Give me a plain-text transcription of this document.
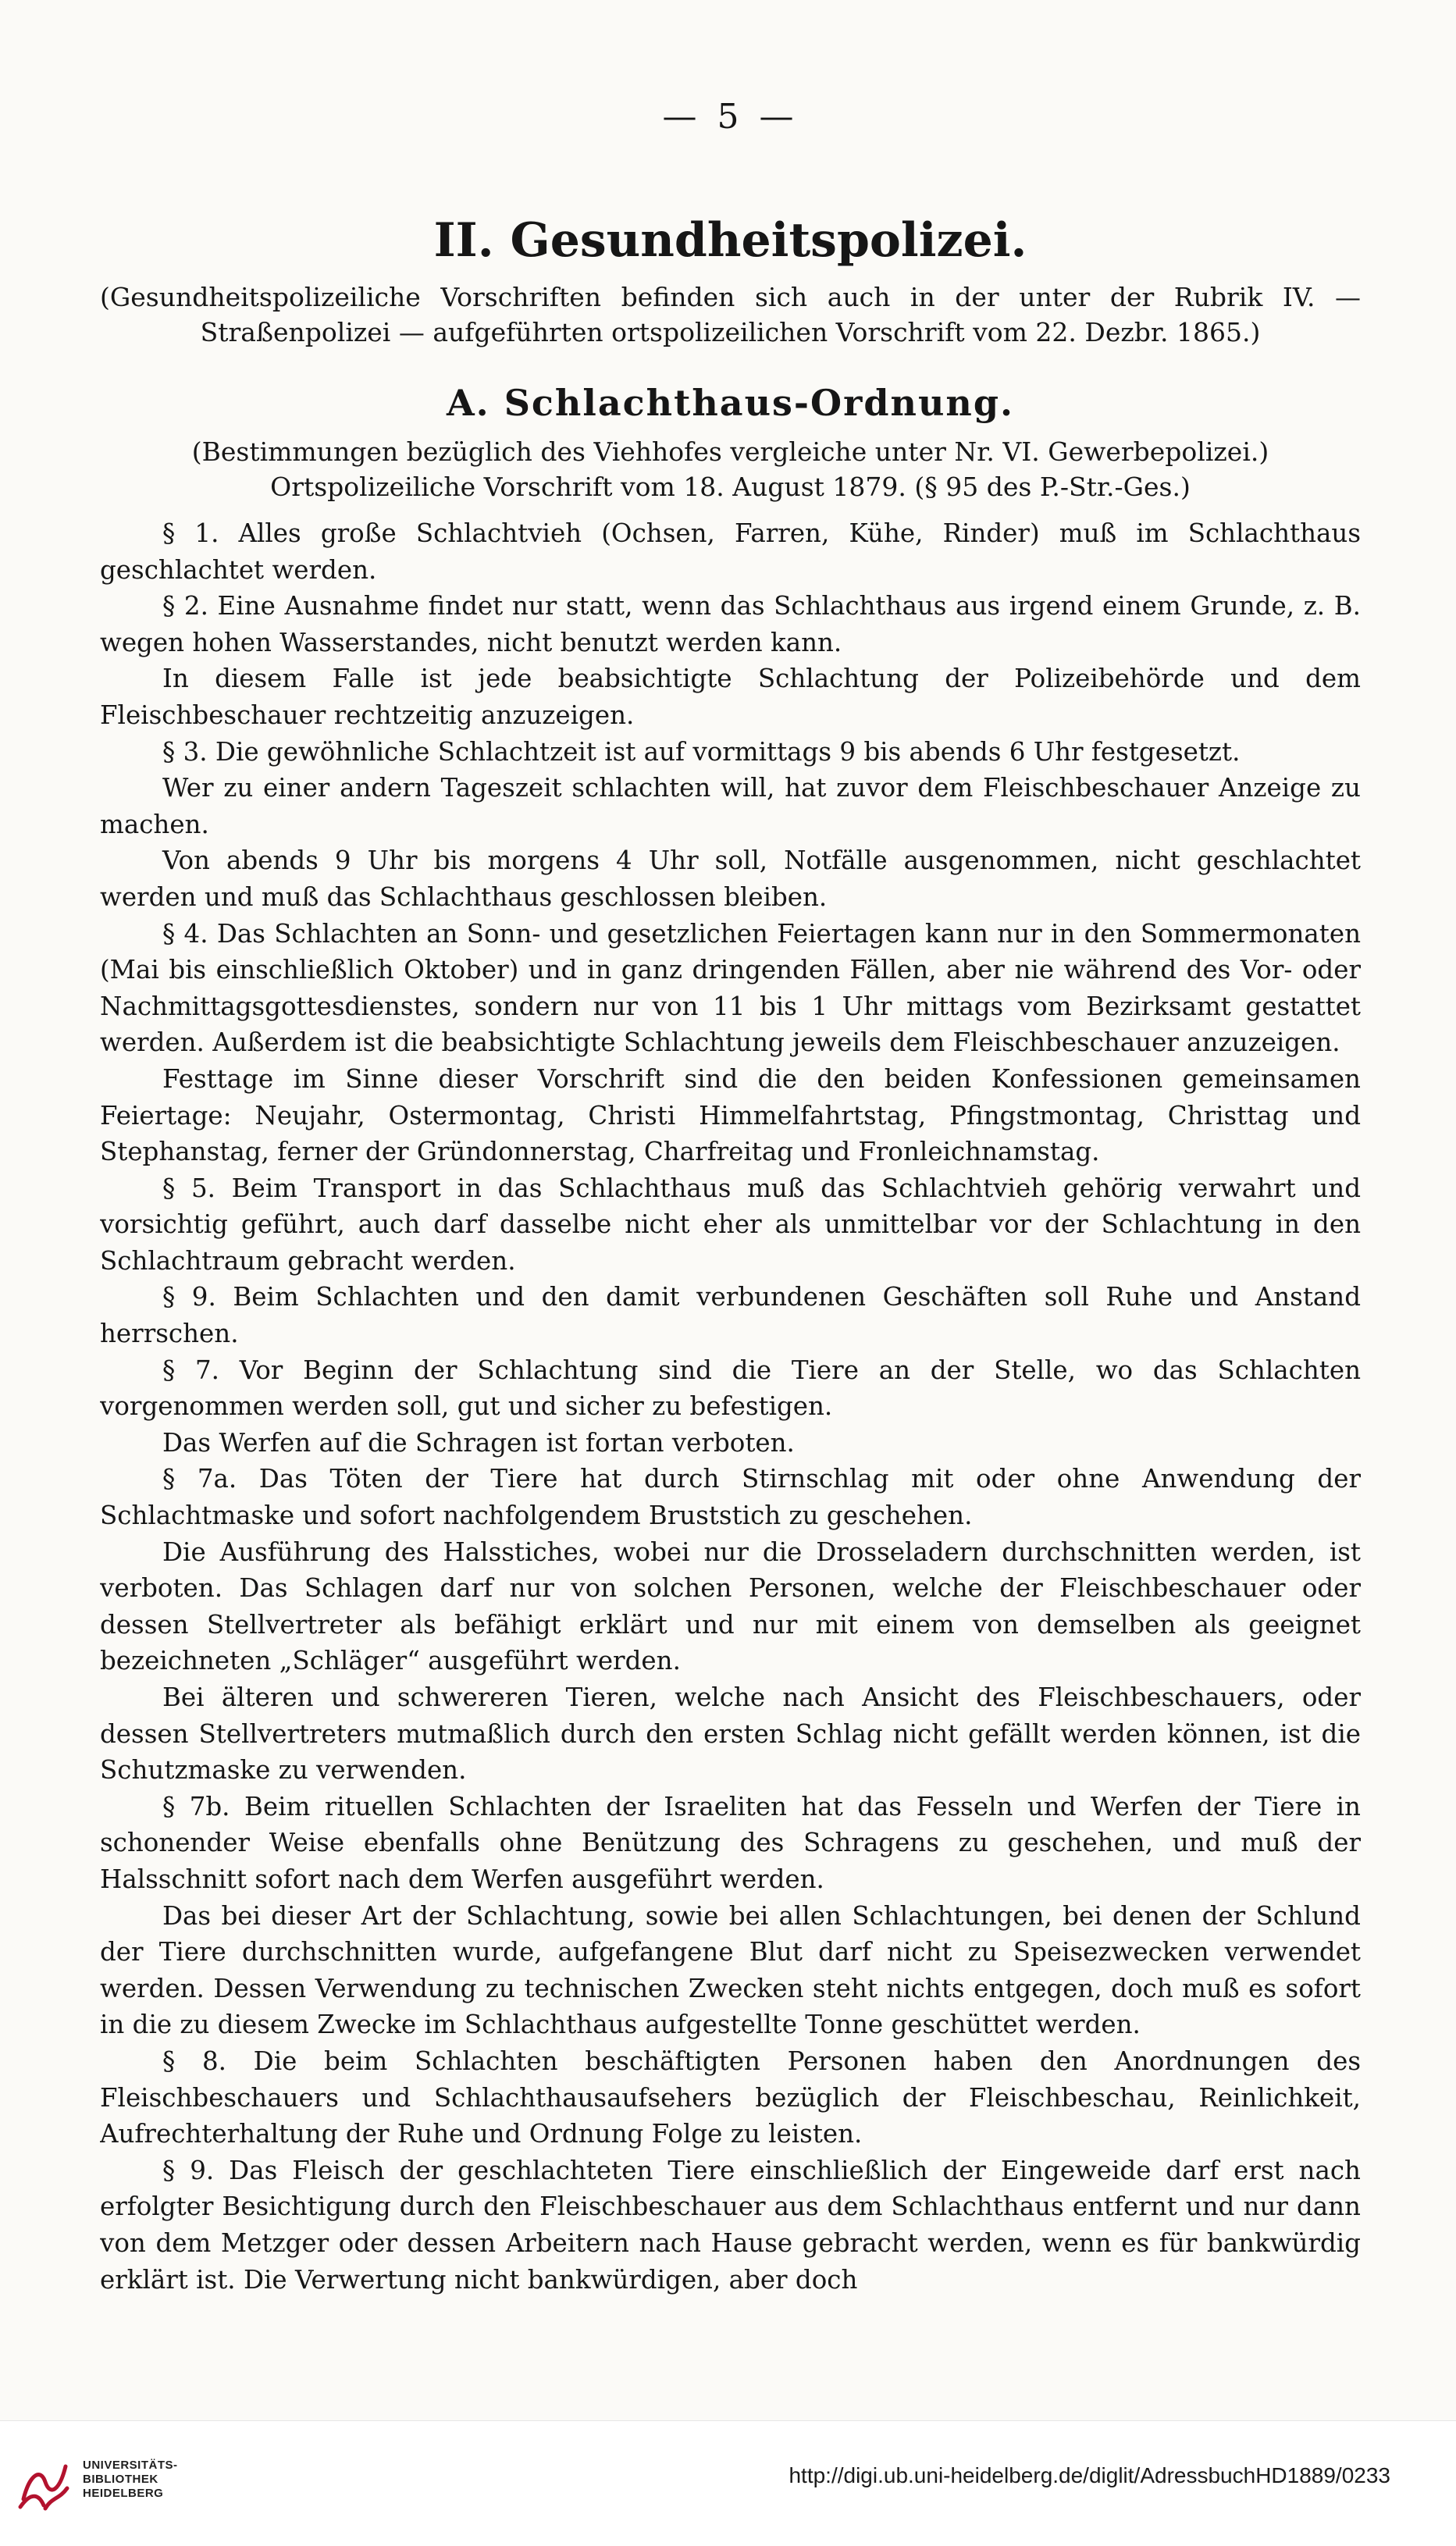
— 5 —
II. Gesundheitspolizei.
(Gesundheitspolizeiliche Vorschriften befinden sich auch in der unter der Rubrik IV. — Straßenpolizei — aufgeführten ortspolizeilichen Vorschrift vom 22. Dezbr. 1865.)
A. Schlachthaus-Ordnung.
(Bestimmungen bezüglich des Viehhofes vergleiche unter Nr. VI. Gewerbepolizei.)
Ortspolizeiliche Vorschrift vom 18. August 1879. (§ 95 des P.-Str.-Ges.)

§ 1. Alles große Schlachtvieh (Ochsen, Farren, Kühe, Rinder) muß im Schlachthaus geschlachtet werden.

§ 2. Eine Ausnahme findet nur statt, wenn das Schlachthaus aus irgend einem Grunde, z. B. wegen hohen Wasserstandes, nicht benutzt werden kann.

In diesem Falle ist jede beabsichtigte Schlachtung der Polizeibehörde und dem Fleischbeschauer rechtzeitig anzuzeigen.

§ 3. Die gewöhnliche Schlachtzeit ist auf vormittags 9 bis abends 6 Uhr festgesetzt.

Wer zu einer andern Tageszeit schlachten will, hat zuvor dem Fleischbeschauer Anzeige zu machen.

Von abends 9 Uhr bis morgens 4 Uhr soll, Notfälle ausgenommen, nicht geschlachtet werden und muß das Schlachthaus geschlossen bleiben.

§ 4. Das Schlachten an Sonn- und gesetzlichen Feiertagen kann nur in den Sommermonaten (Mai bis einschließlich Oktober) und in ganz dringenden Fällen, aber nie während des Vor- oder Nachmittagsgottesdienstes, sondern nur von 11 bis 1 Uhr mittags vom Bezirksamt gestattet werden. Außerdem ist die beabsichtigte Schlachtung jeweils dem Fleischbeschauer anzuzeigen.

Festtage im Sinne dieser Vorschrift sind die den beiden Konfessionen gemeinsamen Feiertage: Neujahr, Ostermontag, Christi Himmelfahrtstag, Pfingstmontag, Christtag und Stephanstag, ferner der Gründonnerstag, Charfreitag und Fronleichnamstag.

§ 5. Beim Transport in das Schlachthaus muß das Schlachtvieh gehörig verwahrt und vorsichtig geführt, auch darf dasselbe nicht eher als unmittelbar vor der Schlachtung in den Schlachtraum gebracht werden.

§ 9. Beim Schlachten und den damit verbundenen Geschäften soll Ruhe und Anstand herrschen.

§ 7. Vor Beginn der Schlachtung sind die Tiere an der Stelle, wo das Schlachten vorgenommen werden soll, gut und sicher zu befestigen.

Das Werfen auf die Schragen ist fortan verboten.

§ 7a. Das Töten der Tiere hat durch Stirnschlag mit oder ohne Anwendung der Schlachtmaske und sofort nachfolgendem Bruststich zu geschehen.

Die Ausführung des Halsstiches, wobei nur die Drosseladern durchschnitten werden, ist verboten. Das Schlagen darf nur von solchen Personen, welche der Fleischbeschauer oder dessen Stellvertreter als befähigt erklärt und nur mit einem von demselben als geeignet bezeichneten „Schläger“ ausgeführt werden.

Bei älteren und schwereren Tieren, welche nach Ansicht des Fleischbeschauers, oder dessen Stellvertreters mutmaßlich durch den ersten Schlag nicht gefällt werden können, ist die Schutzmaske zu verwenden.

§ 7b. Beim rituellen Schlachten der Israeliten hat das Fesseln und Werfen der Tiere in schonender Weise ebenfalls ohne Benützung des Schragens zu geschehen, und muß der Halsschnitt sofort nach dem Werfen ausgeführt werden.

Das bei dieser Art der Schlachtung, sowie bei allen Schlachtungen, bei denen der Schlund der Tiere durchschnitten wurde, aufgefangene Blut darf nicht zu Speisezwecken verwendet werden. Dessen Verwendung zu technischen Zwecken steht nichts entgegen, doch muß es sofort in die zu diesem Zwecke im Schlachthaus aufgestellte Tonne geschüttet werden.

§ 8. Die beim Schlachten beschäftigten Personen haben den Anordnungen des Fleischbeschauers und Schlachthausaufsehers bezüglich der Fleischbeschau, Reinlichkeit, Aufrechterhaltung der Ruhe und Ordnung Folge zu leisten.

§ 9. Das Fleisch der geschlachteten Tiere einschließlich der Eingeweide darf erst nach erfolgter Besichtigung durch den Fleischbeschauer aus dem Schlachthaus entfernt und nur dann von dem Metzger oder dessen Arbeitern nach Hause gebracht werden, wenn es für bankwürdig erklärt ist. Die Verwertung nicht bankwürdigen, aber doch

UNIVERSITÄTS-
BIBLIOTHEK
HEIDELBERG
http://digi.ub.uni-heidelberg.de/diglit/AdressbuchHD1889/0233
